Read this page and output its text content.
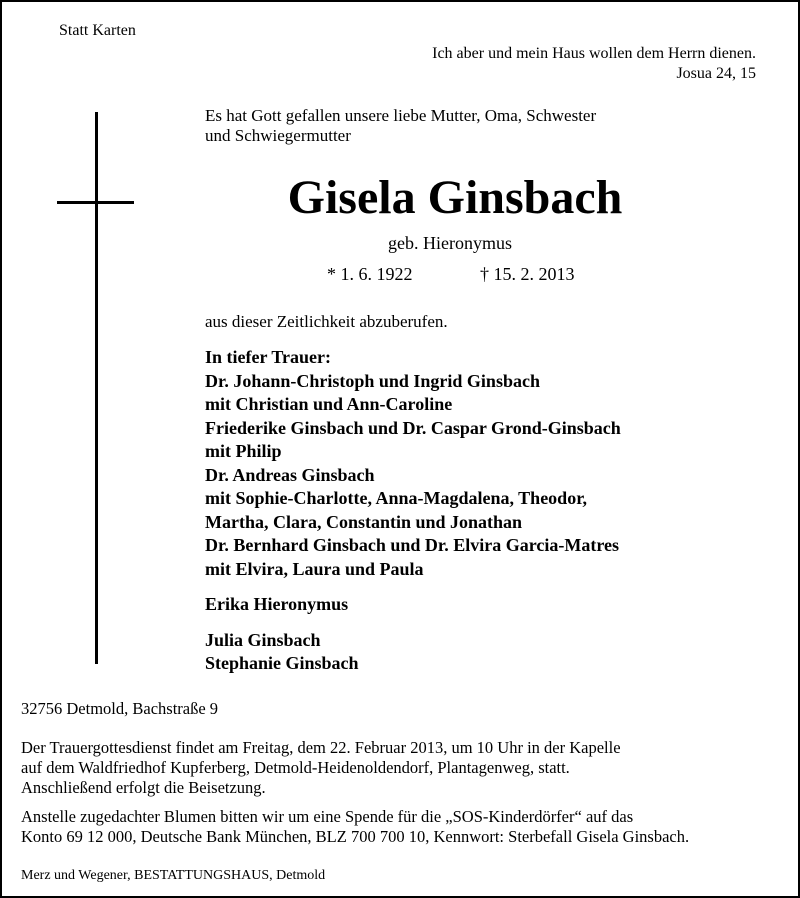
Statt Karten
Ich aber und mein Haus wollen dem Herrn dienen.
Josua 24, 15
Es hat Gott gefallen unsere liebe Mutter, Oma, Schwester
und Schwiegermutter
Gisela Ginsbach
geb. Hieronymus
* 1. 6. 1922	† 15. 2. 2013
aus dieser Zeitlichkeit abzuberufen.
In tiefer Trauer:
Dr. Johann-Christoph und Ingrid Ginsbach
mit Christian und Ann-Caroline
Friederike Ginsbach und Dr. Caspar Grond-Ginsbach
mit Philip
Dr. Andreas Ginsbach
mit Sophie-Charlotte, Anna-Magdalena, Theodor,
Martha, Clara, Constantin und Jonathan
Dr. Bernhard Ginsbach und Dr. Elvira Garcia-Matres
mit Elvira, Laura und Paula
Erika Hieronymus
Julia Ginsbach
Stephanie Ginsbach
32756 Detmold, Bachstraße 9
Der Trauergottesdienst findet am Freitag, dem 22. Februar 2013, um 10 Uhr in der Kapelle
auf dem Waldfriedhof Kupferberg, Detmold-Heidenoldendorf, Plantagenweg, statt.
Anschließend erfolgt die Beisetzung.
Anstelle zugedachter Blumen bitten wir um eine Spende für die „SOS-Kinderdörfer“ auf das
Konto 69 12 000, Deutsche Bank München, BLZ 700 700 10, Kennwort: Sterbefall Gisela Ginsbach.
Merz und Wegener, BESTATTUNGSHAUS, Detmold
